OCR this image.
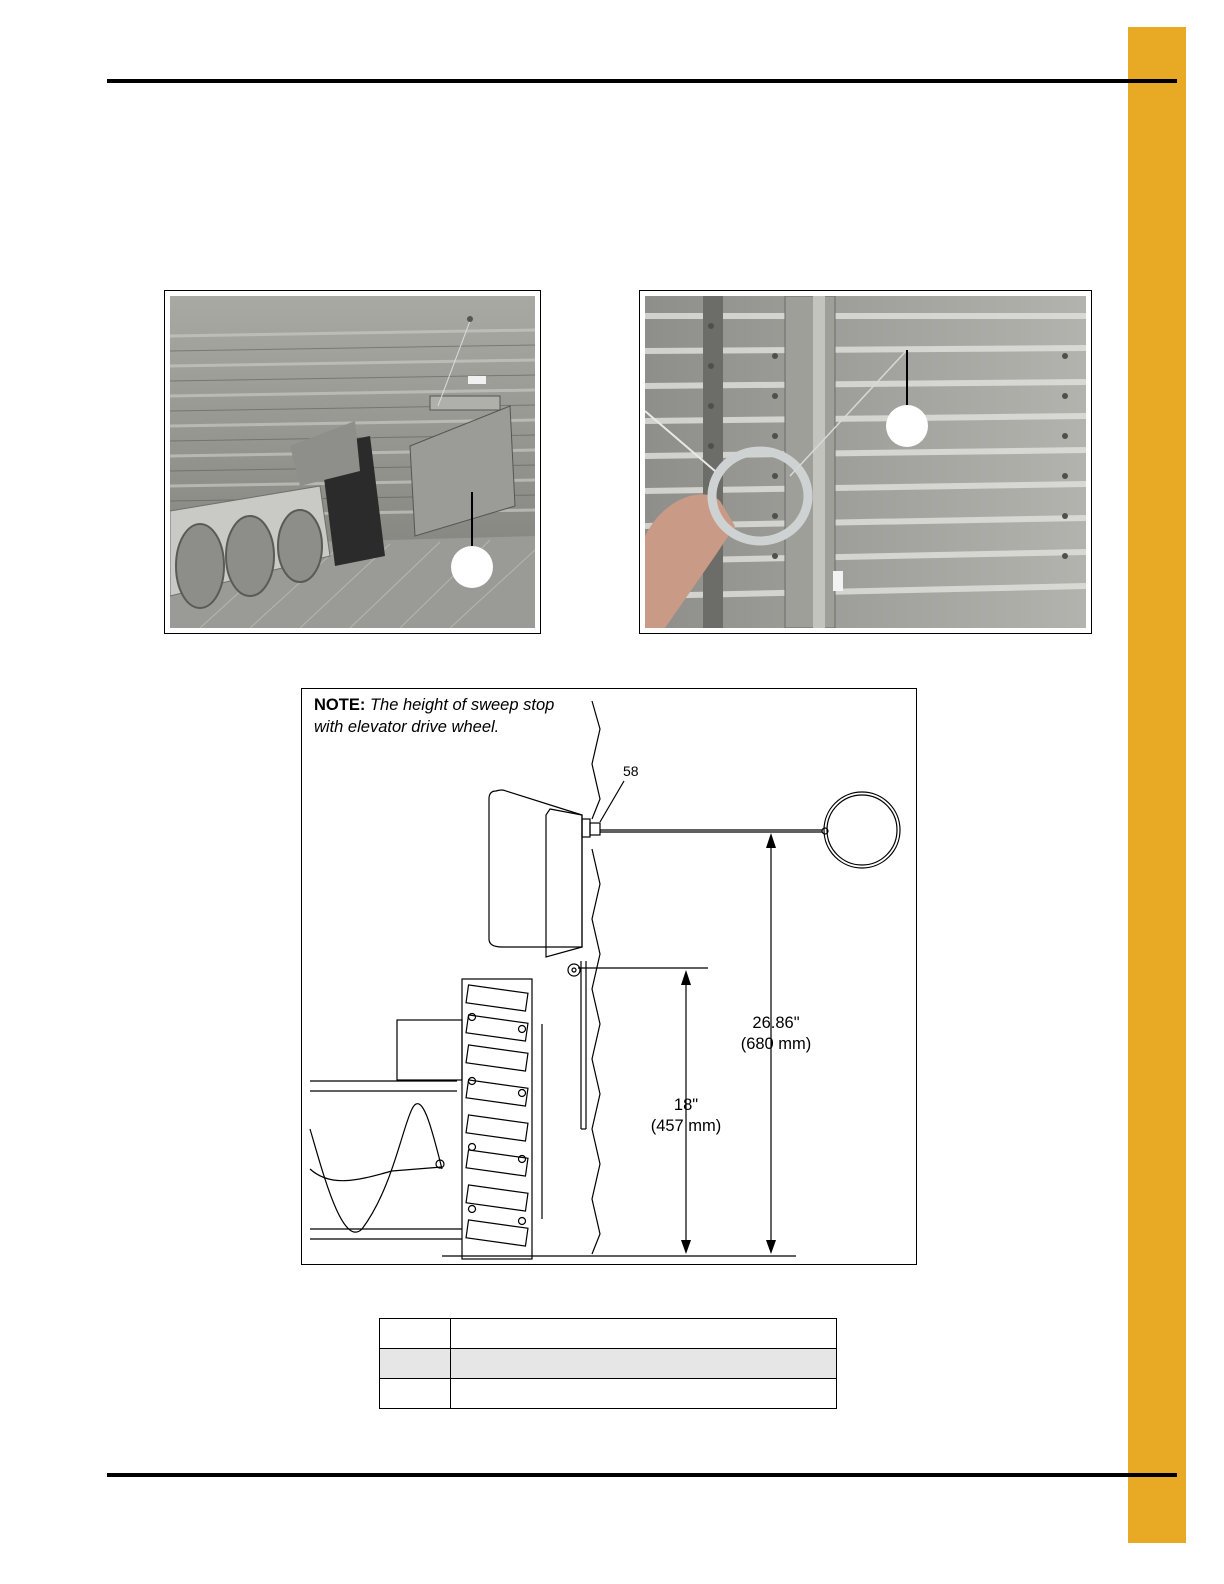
NOTE: The height of sweep stop
with elevator drive wheel.
58
26.86"
(680 mm)
18"
(457 mm)
